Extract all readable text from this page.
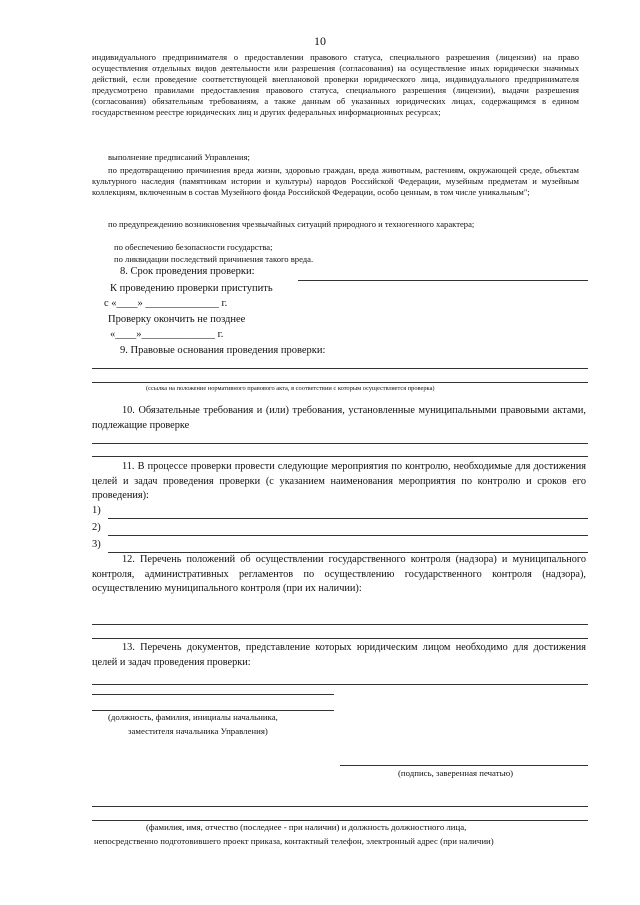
10

индивидуального предпринимателя о предоставлении правового статуса, специального разрешения (лицензии) на право осуществления отдельных видов деятельности или разрешения (согласования) на осуществление иных юридически значимых действий, если проведение соответствующей внеплановой проверки юридического лица, индивидуального предпринимателя предусмотрено правилами предоставления правового статуса, специального разрешения (лицензии), выдачи разрешения (согласования) обязательным требованиям, а также данным об указанных юридических лицах, содержащимся в едином государственном реестре юридических лиц и других федеральных информационных ресурсах;

выполнение предписаний Управления;

по предотвращению причинения вреда жизни, здоровью граждан, вреда животным, растениям, окружающей среде, объектам культурного наследия (памятникам истории и культуры) народов Российской Федерации, музейным предметам и музейным коллекциям, включенным в состав Музейного фонда Российской Федерации, особо ценным, в том числе уникальным";

по предупреждению возникновения чрезвычайных ситуаций природного и техногенного характера;

по обеспечению безопасности государства;

по ликвидации последствий причинения такого вреда.

8. Срок проведения проверки:

К проведению проверки приступить

с «____» ______________ г.

Проверку окончить не позднее

«____»______________ г.

9. Правовые основания проведения проверки:

(ссылка на положение нормативного правового акта, в соответствии с которым осуществляется проверка)

10. Обязательные требования и (или) требования, установленные муниципальными правовыми актами, подлежащие проверке

11. В процессе проверки провести следующие мероприятия по контролю, необходимые для достижения целей и задач проведения проверки (с указанием наименования мероприятия по контролю и сроков его проведения):

1)

2)

3)

12. Перечень положений об осуществлении государственного контроля (надзора) и муниципального контроля, административных регламентов по осуществлению государственного контроля (надзора), осуществлению муниципального контроля (при их наличии):

13. Перечень документов, представление которых юридическим лицом необходимо для достижения целей и задач проведения проверки:

(должность, фамилия, инициалы начальника,

заместителя начальника Управления)

(подпись, заверенная печатью)

(фамилия, имя, отчество (последнее - при наличии) и должность должностного лица,

непосредственно подготовившего проект приказа, контактный телефон, электронный адрес (при наличии)
